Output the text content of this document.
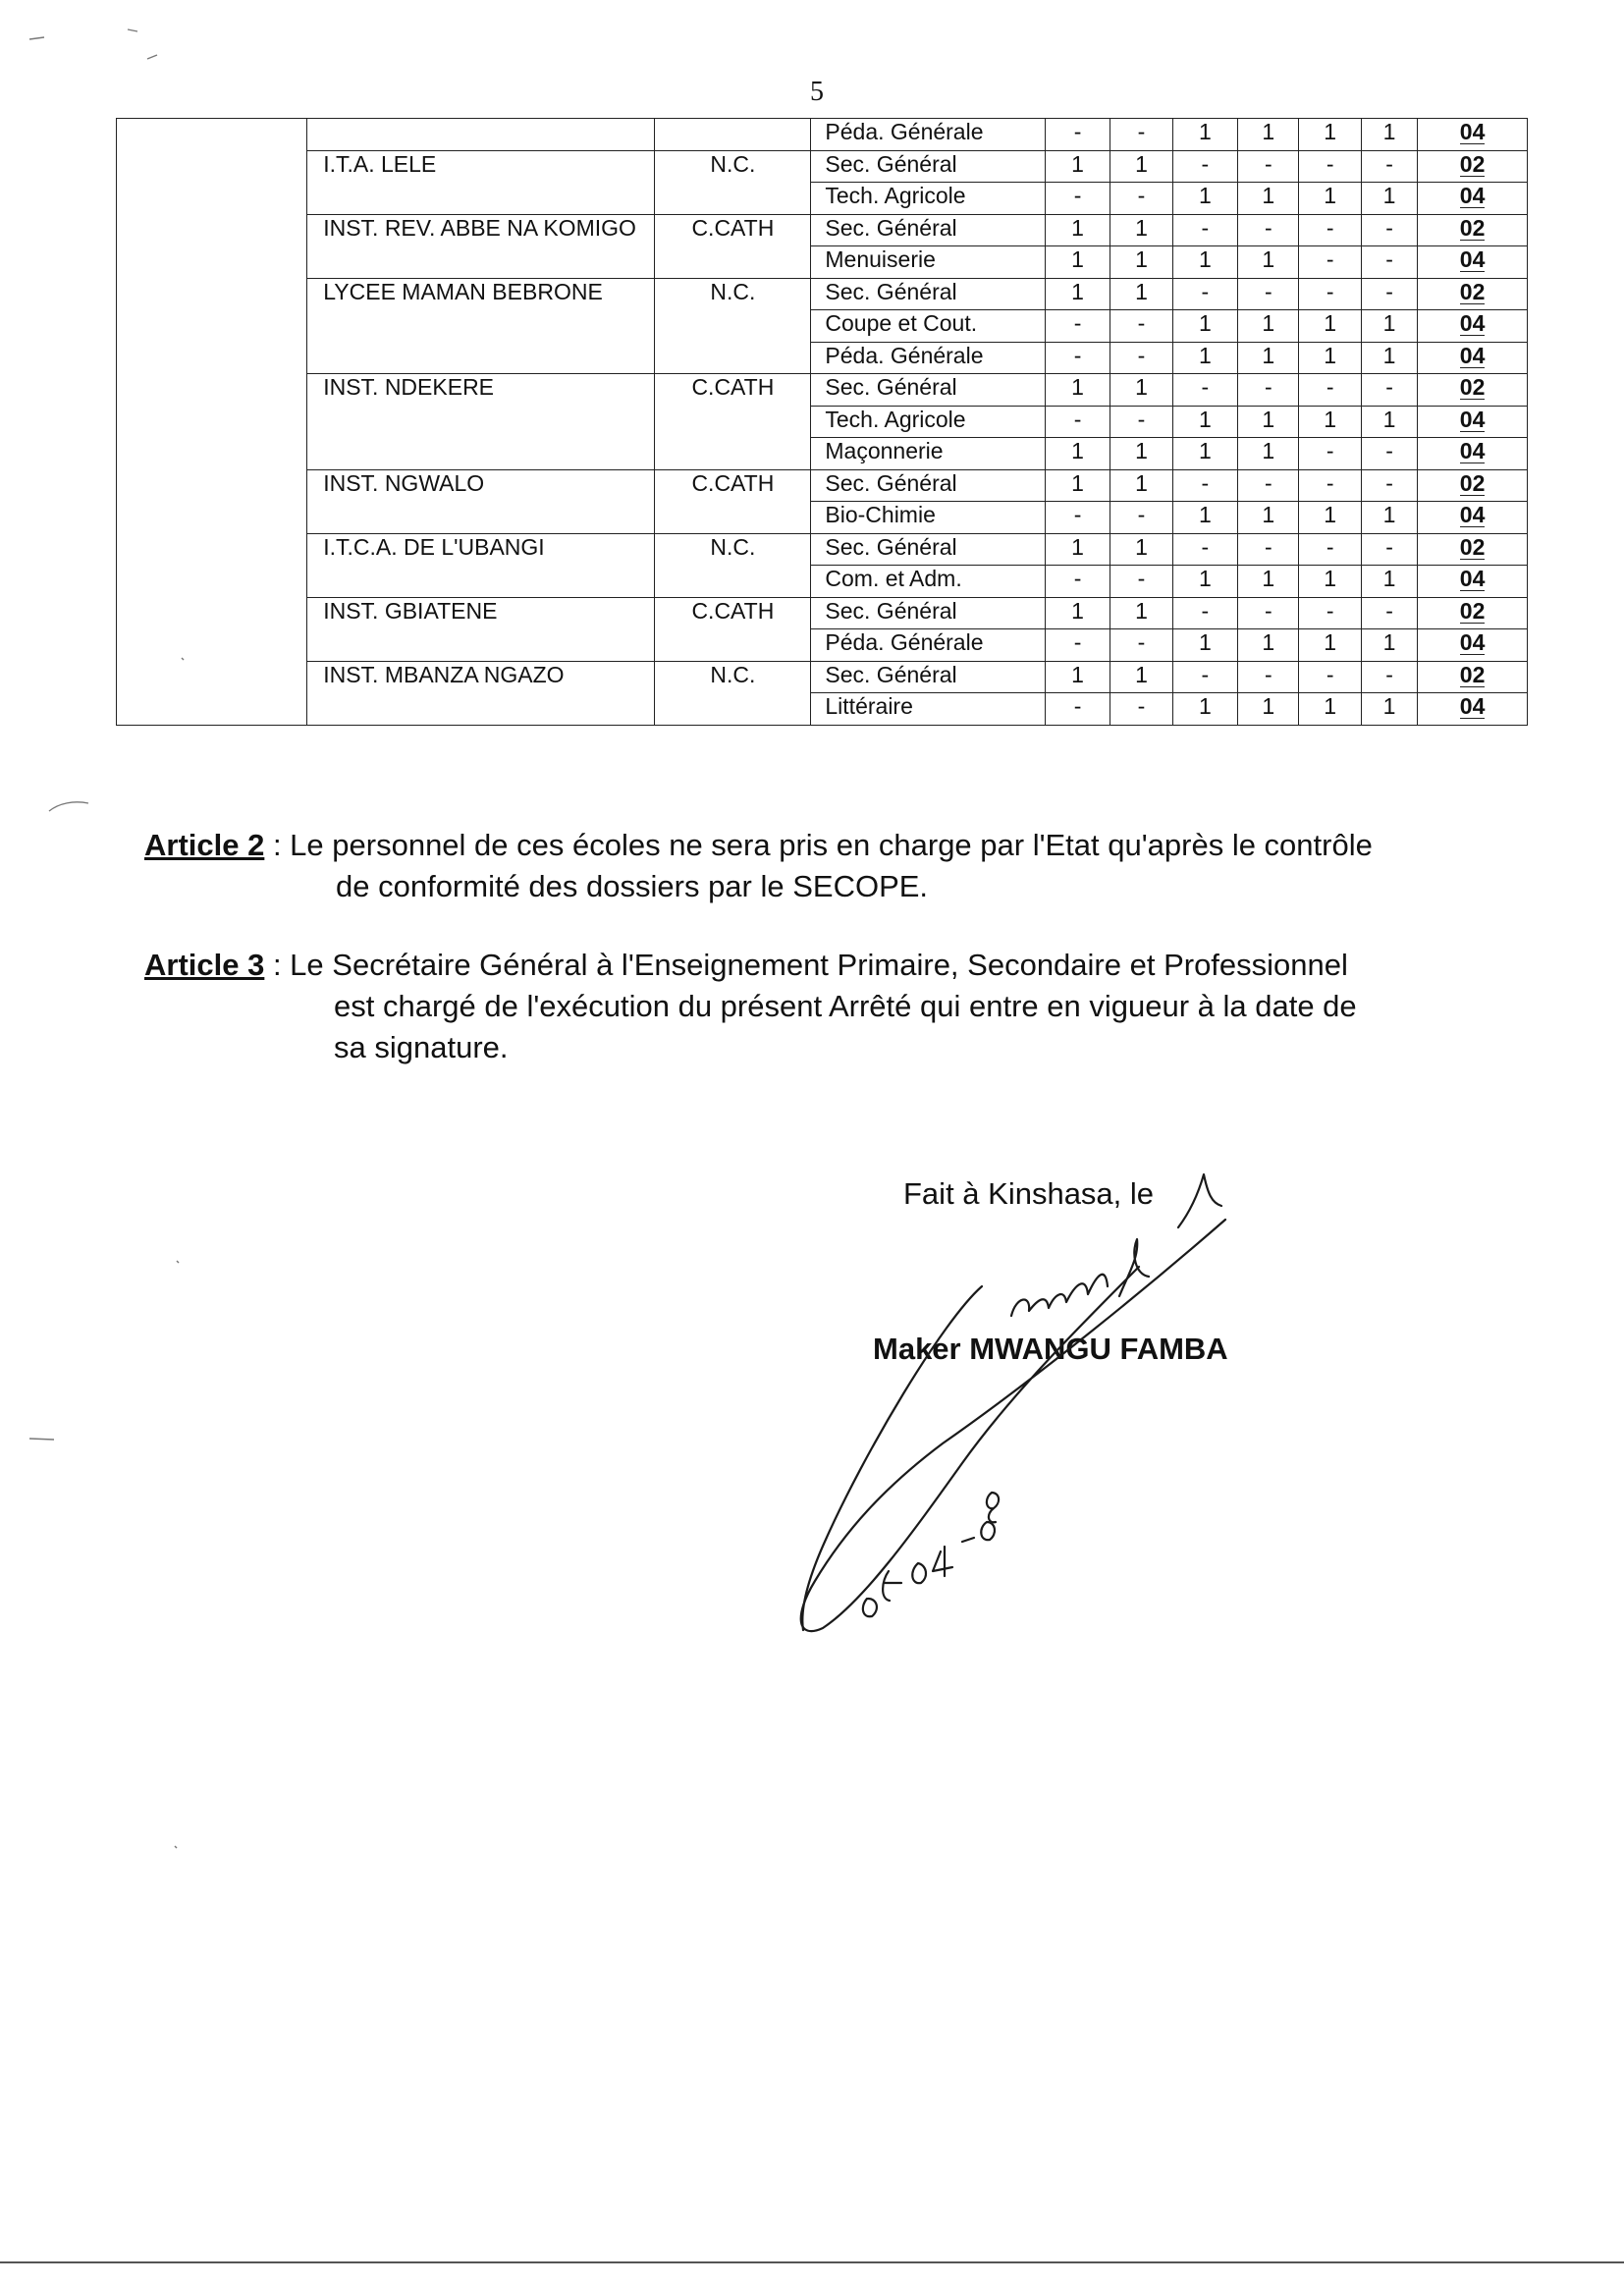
5
			Péda. Générale	-	-	1	1	1	1	04
	I.T.A. LELE	N.C.	Sec. Général	1	1	-	-	-	-	02
			Tech. Agricole	-	-	1	1	1	1	04
	INST. REV. ABBE NA KOMIGO	C.CATH	Sec. Général	1	1	-	-	-	-	02
			Menuiserie	1	1	1	1	-	-	04
	LYCEE MAMAN BEBRONE	N.C.	Sec. Général	1	1	-	-	-	-	02
			Coupe et Cout.	-	-	1	1	1	1	04
			Péda. Générale	-	-	1	1	1	1	04
	INST. NDEKERE	C.CATH	Sec. Général	1	1	-	-	-	-	02
			Tech. Agricole	-	-	1	1	1	1	04
			Maçonnerie	1	1	1	1	-	-	04
	INST. NGWALO	C.CATH	Sec. Général	1	1	-	-	-	-	02
			Bio-Chimie	-	-	1	1	1	1	04
	I.T.C.A. DE L'UBANGI	N.C.	Sec. Général	1	1	-	-	-	-	02
			Com. et Adm.	-	-	1	1	1	1	04
	INST. GBIATENE	C.CATH	Sec. Général	1	1	-	-	-	-	02
			Péda. Générale	-	-	1	1	1	1	04
	INST. MBANZA NGAZO	N.C.	Sec. Général	1	1	-	-	-	-	02
			Littéraire	-	-	1	1	1	1	04
Article 2 : Le personnel de ces écoles ne sera pris en charge par l'Etat qu'après le contrôle
de conformité des dossiers par le SECOPE.
Article 3 : Le Secrétaire Général à l'Enseignement Primaire, Secondaire et Professionnel
est chargé de l'exécution du présent Arrêté qui entre en vigueur à la date de
sa signature.
Fait à Kinshasa, le
Maker MWANGU FAMBA
